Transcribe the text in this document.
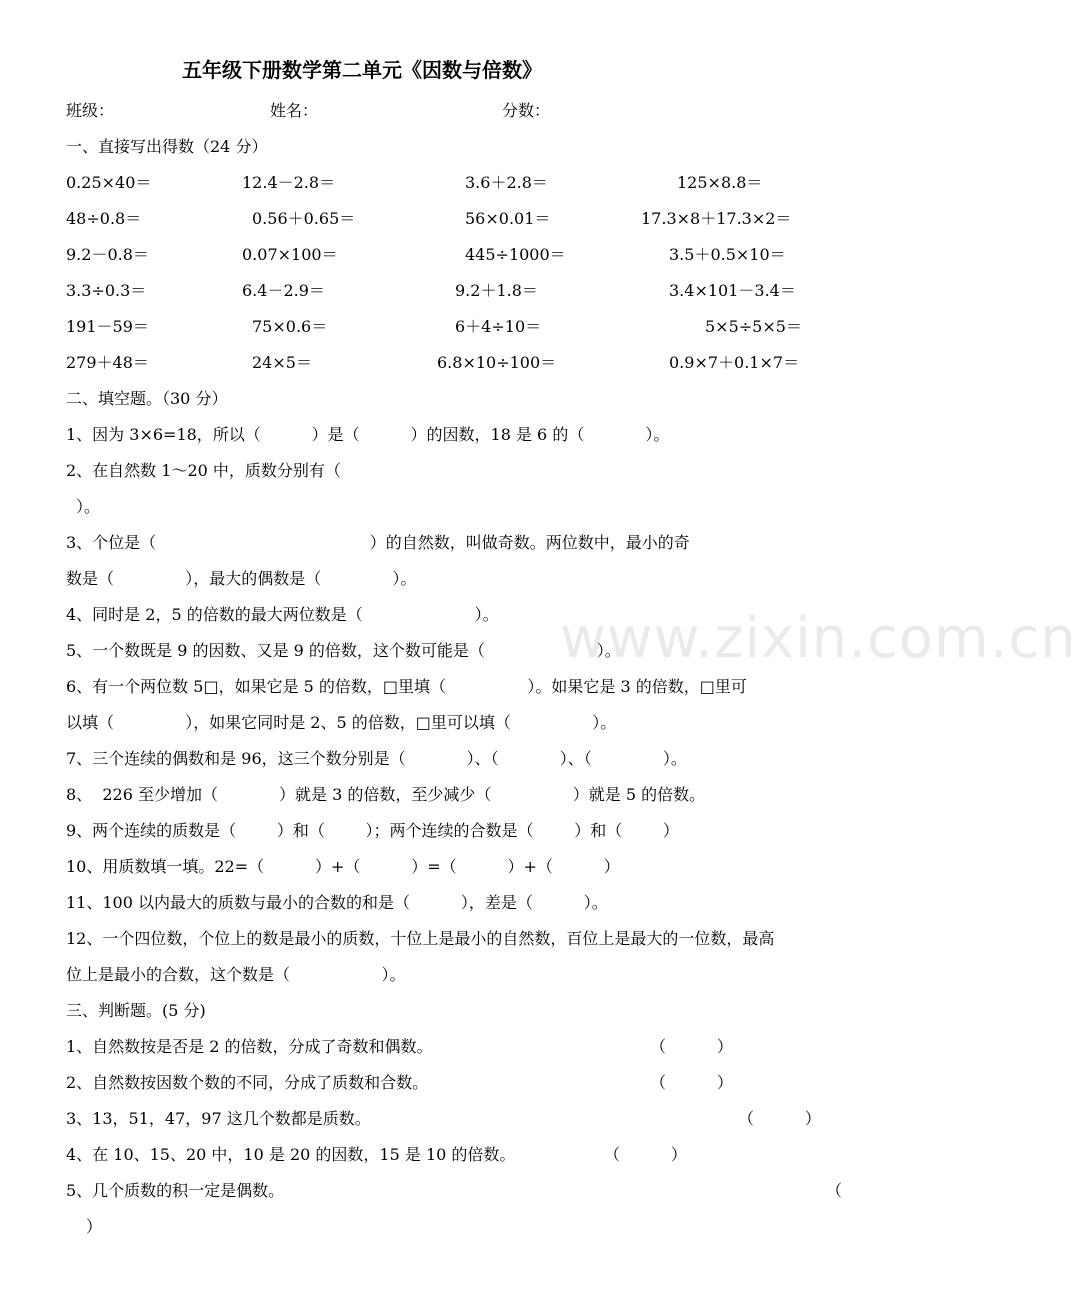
五年级下册数学第二单元《因数与倍数》
班级：	姓名：	分数：
一、直接写出得数（24 分）
0.25×40＝	12.4－2.8＝	3.6＋2.8＝	125×8.8＝
48÷0.8＝	0.56＋0.65＝	56×0.01＝	17.3×8＋17.3×2＝
9.2－0.8＝	0.07×100＝	445÷1000＝	3.5＋0.5×10＝
3.3÷0.3＝	6.4－2.9＝	9.2＋1.8＝	3.4×101－3.4＝
191－59＝	75×0.6＝	6＋4÷10＝	5×5÷5×5＝
279＋48＝	24×5＝	6.8×10÷100＝	0.9×7＋0.1×7＝
二、填空题。（30 分）
1、因为 3×6=18，所以（          ）是（          ）的因数，18 是 6 的（            ）。
2、在自然数 1～20 中，质数分别有（
）。
3、个位是（                                          ）的自然数，叫做奇数。两位数中，最小的奇
数是（              ），最大的偶数是（              ）。
4、同时是 2，5 的倍数的最大两位数是（                      ）。
5、一个数既是 9 的因数、又是 9 的倍数，这个数可能是（                      ）。
6、有一个两位数 5□，如果它是 5 的倍数，□里填（                ）。如果它是 3 的倍数，□里可
以填（              ），如果它同时是 2、5 的倍数，□里可以填（                ）。
7、三个连续的偶数和是 96，这三个数分别是（            ）、（            ）、（              ）。
8、  226 至少增加（            ）就是 3 的倍数，至少减少（                ）就是 5 的倍数。
9、两个连续的质数是（        ）和（        ）；两个连续的合数是（        ）和（        ）
10、用质数填一填。22=（          ）+（          ）=（          ）+（          ）
11、100 以内最大的质数与最小的合数的和是（          ），差是（          ）。
12、一个四位数，个位上的数是最小的质数，十位上是最小的自然数，百位上是最大的一位数，最高
位上是最小的合数，这个数是（                  ）。
三、判断题。(5 分)
1、自然数按是否是 2 的倍数，分成了奇数和偶数。	（          ）
2、自然数按因数个数的不同，分成了质数和合数。	（          ）
3、13，51，47，97 这几个数都是质数。	（          ）
4、在 10、15、20 中，10 是 20 的因数，15 是 10 的倍数。	（          ）
5、几个质数的积一定是偶数。	（
）
www.zixin.com.cn
